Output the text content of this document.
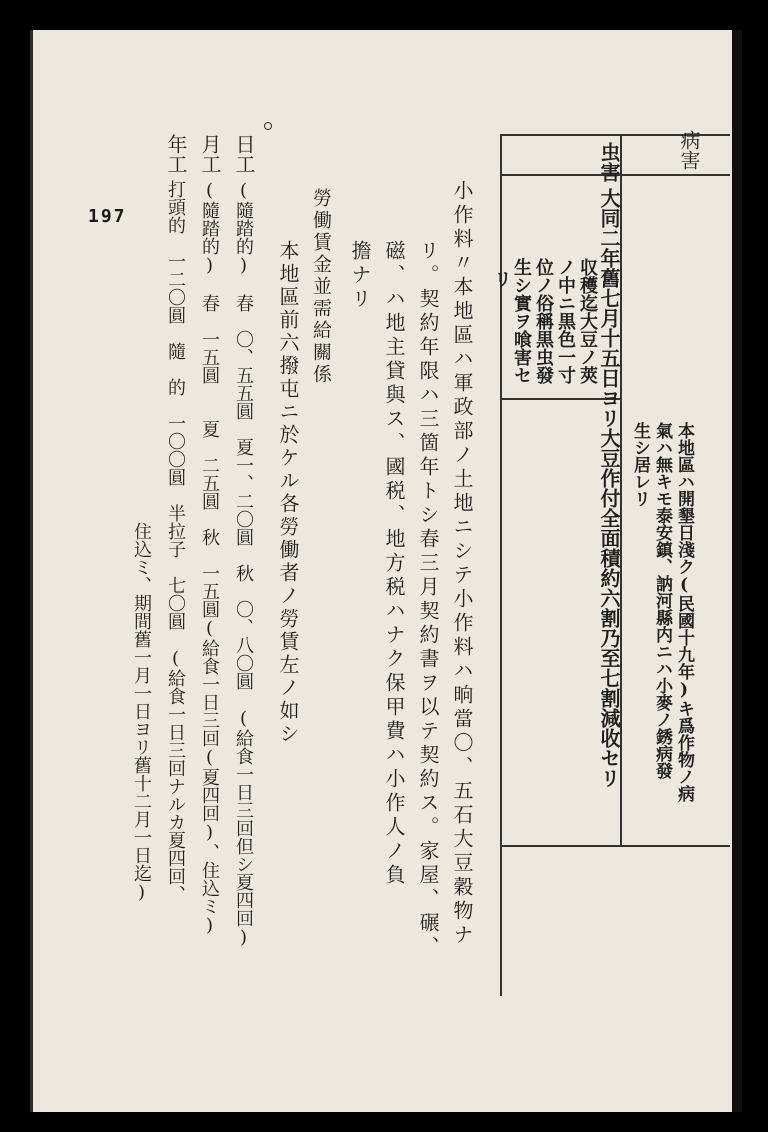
197
病害
虫害
大同二年舊七月十五日ヨリ
収穫迄大豆ノ莢
ノ中ニ黒色一寸
位ノ俗稱黒虫發
生シ實ヲ喰害セ
リ
大豆作付全面積約六割乃至七割減收セリ	本地區ハ開墾日淺ク(民國十九年)キ爲作物ノ病
氣ハ無キモ泰安鎮、訥河縣内ニハ小麥ノ銹病發
生シ居レリ
小作料〃本地區ハ軍政部ノ土地ニシテ小作料ハ晌當〇、五石大豆穀物ナ
リ。契約年限ハ三箇年トシ春三月契約書ヲ以テ契約ス。家屋、碾、
磁、ハ地主貸與ス、國税、地方税ハナク保甲費ハ小作人ノ負
擔ナリ
勞働賃金並需給關係
本地區前六撥屯ニ於ケル各勞働者ノ勞賃左ノ如シ
日工
(隨踏的)　春　〇、五五圓　夏一、二〇圓　秋　〇、八〇圓　(給食一日三回但シ夏四回)
月工
(隨踏的)　春　一五圓　　夏　二五圓　秋　一五圓(給食一日三回(夏四回)、住込ミ)
年工
打頭的　一二〇圓　隨　的　一〇〇圓　半拉子　七〇圓　(給食一日三回ナルカ夏四回、
住込ミ、期間舊一月一日ヨリ舊十二月一日迄)
